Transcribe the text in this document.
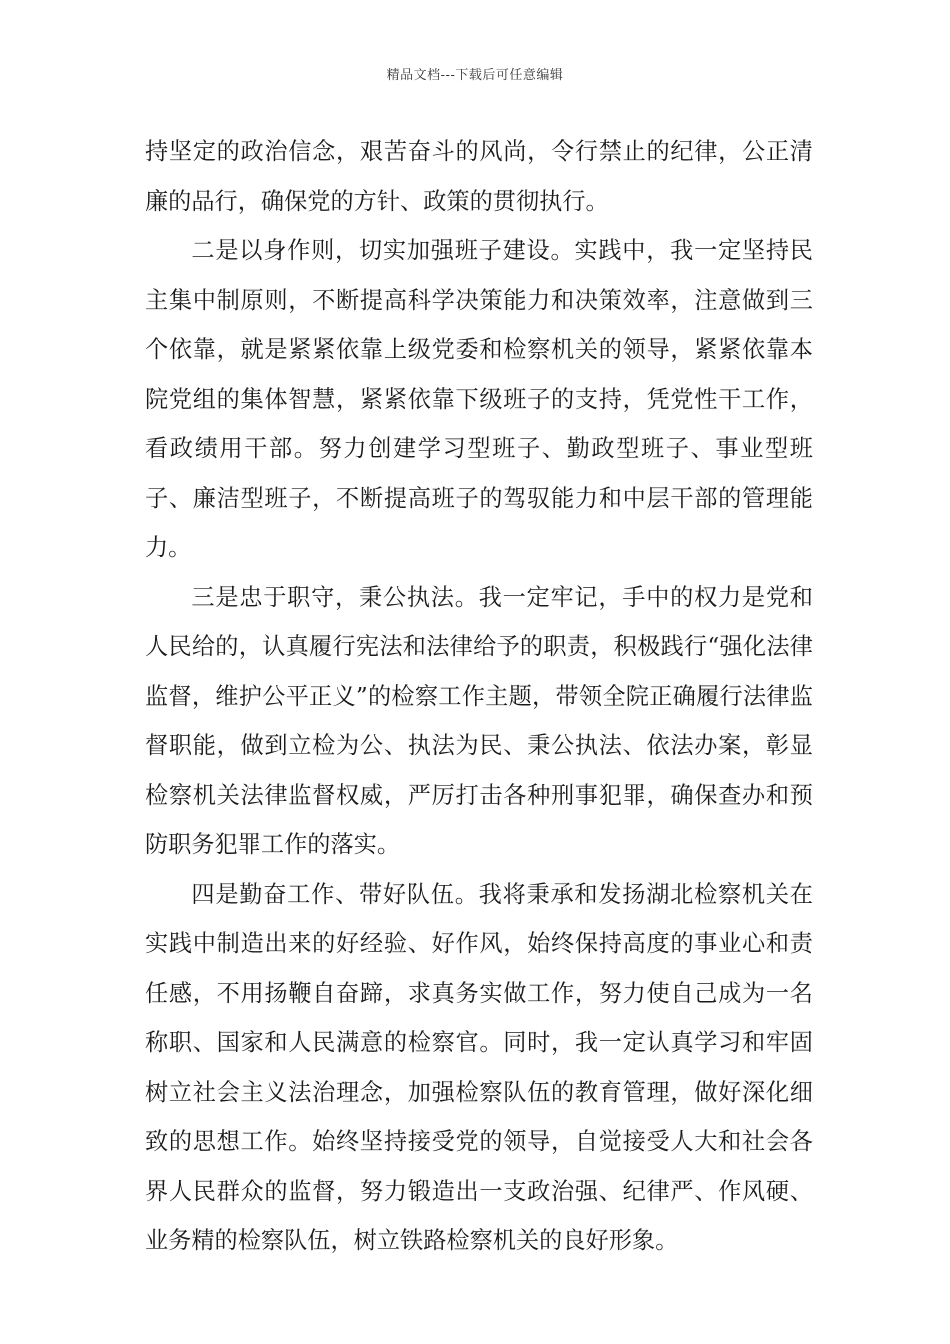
精品文档---下载后可任意编辑

持坚定的政治信念，艰苦奋斗的风尚，令行禁止的纪律，公正清廉的品行，确保党的方针、政策的贯彻执行。

二是以身作则，切实加强班子建设。实践中，我一定坚持民主集中制原则，不断提高科学决策能力和决策效率，注意做到三个依靠，就是紧紧依靠上级党委和检察机关的领导，紧紧依靠本院党组的集体智慧，紧紧依靠下级班子的支持，凭党性干工作，看政绩用干部。努力创建学习型班子、勤政型班子、事业型班子、廉洁型班子，不断提高班子的驾驭能力和中层干部的管理能力。

三是忠于职守，秉公执法。我一定牢记，手中的权力是党和人民给的，认真履行宪法和法律给予的职责，积极践行“强化法律监督，维护公平正义”的检察工作主题，带领全院正确履行法律监督职能，做到立检为公、执法为民、秉公执法、依法办案，彰显检察机关法律监督权威，严厉打击各种刑事犯罪，确保查办和预防职务犯罪工作的落实。

四是勤奋工作、带好队伍。我将秉承和发扬湖北检察机关在实践中制造出来的好经验、好作风，始终保持高度的事业心和责任感，不用扬鞭自奋蹄，求真务实做工作，努力使自己成为一名称职、国家和人民满意的检察官。同时，我一定认真学习和牢固树立社会主义法治理念，加强检察队伍的教育管理，做好深化细致的思想工作。始终坚持接受党的领导，自觉接受人大和社会各界人民群众的监督，努力锻造出一支政治强、纪律严、作风硬、业务精的检察队伍，树立铁路检察机关的良好形象。
